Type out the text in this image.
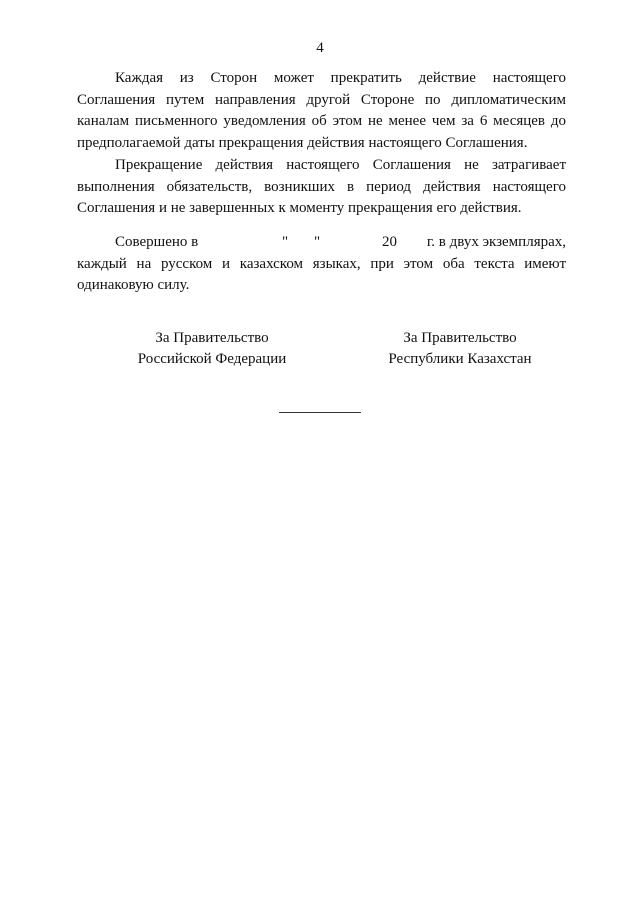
4

Каждая из Сторон может прекратить действие настоящего Соглашения путем направления другой Стороне по дипломатическим каналам письменного уведомления об этом не менее чем за 6 месяцев до предполагаемой даты прекращения действия настоящего Соглашения.

Прекращение действия настоящего Соглашения не затрагивает выполнения обязательств, возникших в период действия настоящего Соглашения и не завершенных к моменту прекращения его действия.

Совершено в	" "	20 г. в двух экземплярах,

каждый на русском и казахском языках, при этом оба текста имеют одинаковую силу.

За Правительство
Российской Федерации
За Правительство
Республики Казахстан
